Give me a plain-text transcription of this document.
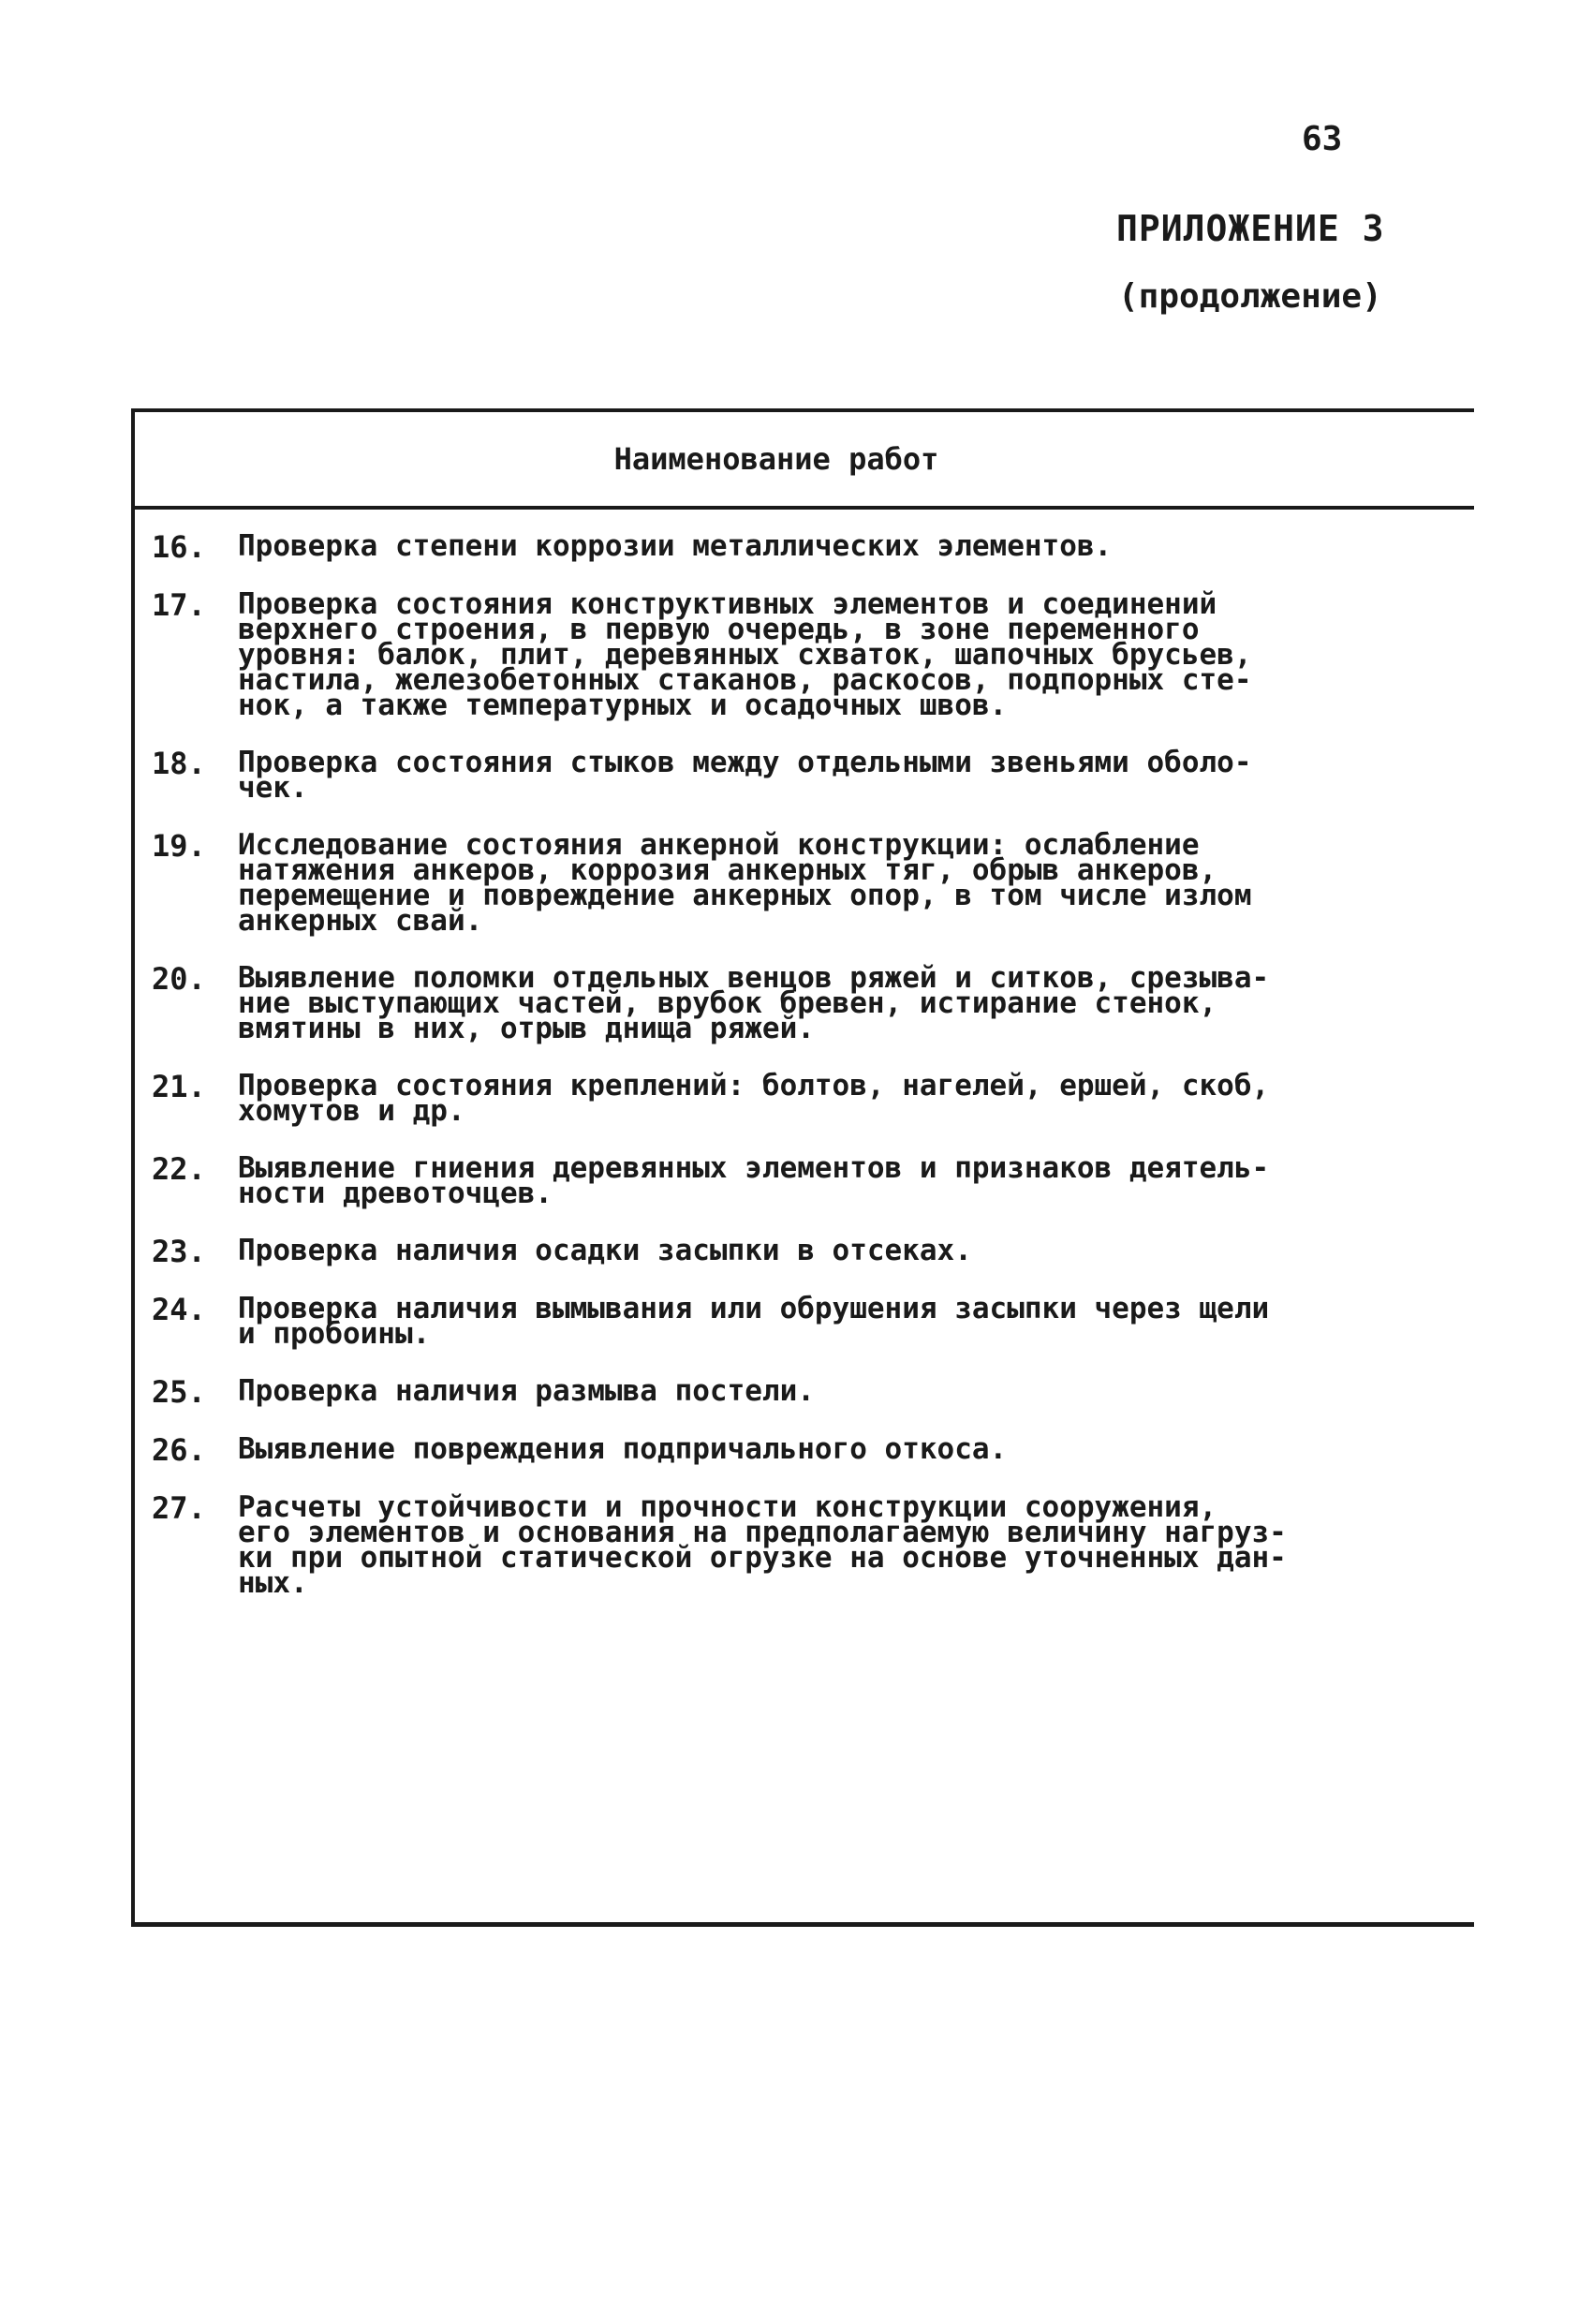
63
ПРИЛОЖЕНИЕ 3
(продолжение)
Наименование работ
16.	Проверка степени коррозии металлических элементов.
17.	Проверка состояния конструктивных элементов и соединений
верхнего строения, в первую очередь, в зоне переменного
уровня: балок, плит, деревянных схваток, шапочных брусьев,
настила, железобетонных стаканов, раскосов, подпорных сте-
нок, а также температурных и осадочных швов.
18.	Проверка состояния стыков между отдельными звеньями оболо-
чек.
19.	Исследование состояния анкерной конструкции: ослабление
натяжения анкеров, коррозия анкерных тяг, обрыв анкеров,
перемещение и повреждение анкерных опор, в том числе излом
анкерных свай.
20.	Выявление поломки отдельных венцов ряжей и ситков, срезыва-
ние выступающих частей, врубок бревен, истирание стенок,
вмятины в них, отрыв днища ряжей.
21.	Проверка состояния креплений: болтов, нагелей, ершей, скоб,
хомутов и др.
22.	Выявление гниения деревянных элементов и признаков деятель-
ности древоточцев.
23.	Проверка наличия осадки засыпки в отсеках.
24.	Проверка наличия вымывания или обрушения засыпки через щели
и пробоины.
25.	Проверка наличия размыва постели.
26.	Выявление повреждения подпричального откоса.
27.	Расчеты устойчивости и прочности конструкции сооружения,
его элементов и основания на предполагаемую величину нагруз-
ки при опытной статической огрузке на основе уточненных дан-
ных.
